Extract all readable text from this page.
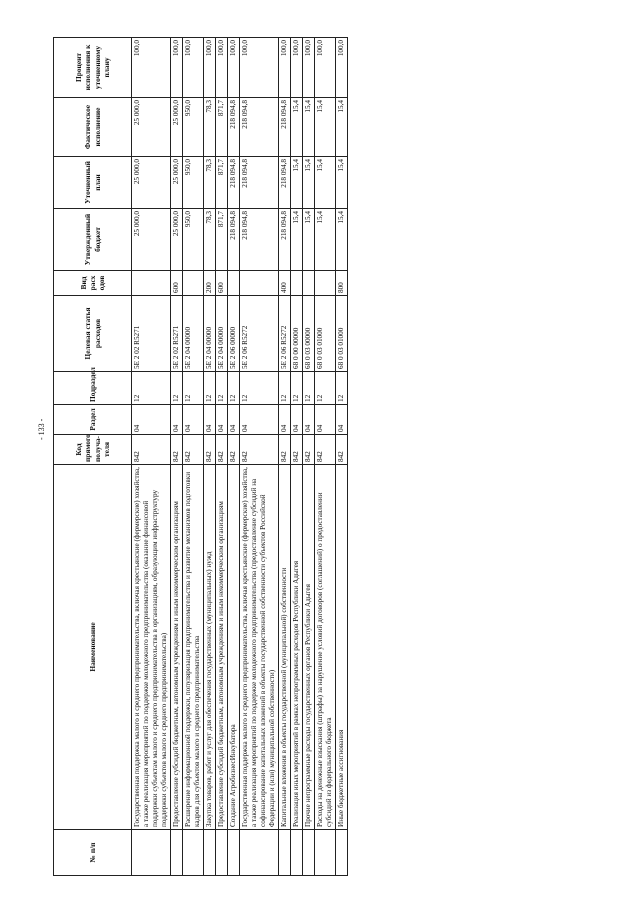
- 133 -
№ п/п	Наименование	Код прямого получа-теля	Раздел	Подраздел	Целевая статья расходов	Вид расх одов	Утвержденный бюджет	Уточненный план	Фактическое исполнение	Процент исполнения к уточненному плану
	Государственная поддержка малого и среднего предпринимательства, включая крестьянские (фермерские) хозяйства, а также реализация мероприятий по поддержке молодежного предпринимательства (оказание финансовой поддержки субъектам малого и среднего предпринимательства в организациям, образующим инфраструктуру поддержки субъектов малого и среднего предпринимательства)	842	04	12	5Е 2 02 R5271		25 000,0	25 000,0	25 000,0	100,0
	Предоставление субсидий бюджетным, автономным учреждениям и иным некоммерческим организациям	842	04	12	5Е 2 02 R5271	600	25 000,0	25 000,0	25 000,0	100,0
	Расширение информационной поддержки, популяризация предпринимательства и развитие механизмов подготовки кадров для субъектов малого и среднего предпринимательства	842	04	12	5Е 2 04 00000		950,0	950,0	950,0	100,0
	Закупка товаров, работ и услуг для обеспечения государственных (муниципальных) нужд	842	04	12	5Е 2 04 00000	200	78,3	78,3	78,3	100,0
	Предоставление субсидий бюджетным, автономным учреждениям и иным некоммерческим организациям	842	04	12	5Е 2 04 00000	600	871,7	871,7	871,7	100,0
	Создание АгробизнесИнкубатора	842	04	12	5Е 2 06 00000		218 094,8	218 094,8	218 094,8	100,0
	Государственная поддержка малого и среднего предпринимательства, включая крестьянские (фермерские) хозяйства, а также реализация мероприятий по поддержке молодежного предпринимательства (предоставление субсидий на софинансирование капитальных вложений в объекты государственной собственности субъектов Российской Федерации и (или) муниципальной собственности)	842	04	12	5Е 2 06 R5272		218 094,8	218 094,8	218 094,8	100,0
	Капитальные вложения в объекты государственной (муниципальной) собственности	842	04	12	5Е 2 06 R5272	400	218 094,8	218 094,8	218 094,8	100,0
	Реализация иных мероприятий в рамках непрограммных расходов Республики Адыгея	842	04	12	68 0 00 00000		15,4	15,4	15,4	100,0
	Прочие непрограммные расходы государственных органов Республики Адыгея	842	04	12	68 0 03 00000		15,4	15,4	15,4	100,0
	Расходы на денежные взыскания (штрафы) за нарушение условий договоров (соглашений) о предоставлении субсидий из федерального бюджета	842	04	12	68 0 03 01000		15,4	15,4	15,4	100,0
	Иные бюджетные ассигнования	842	04	12	68 0 03 01000	800	15,4	15,4	15,4	100,0
